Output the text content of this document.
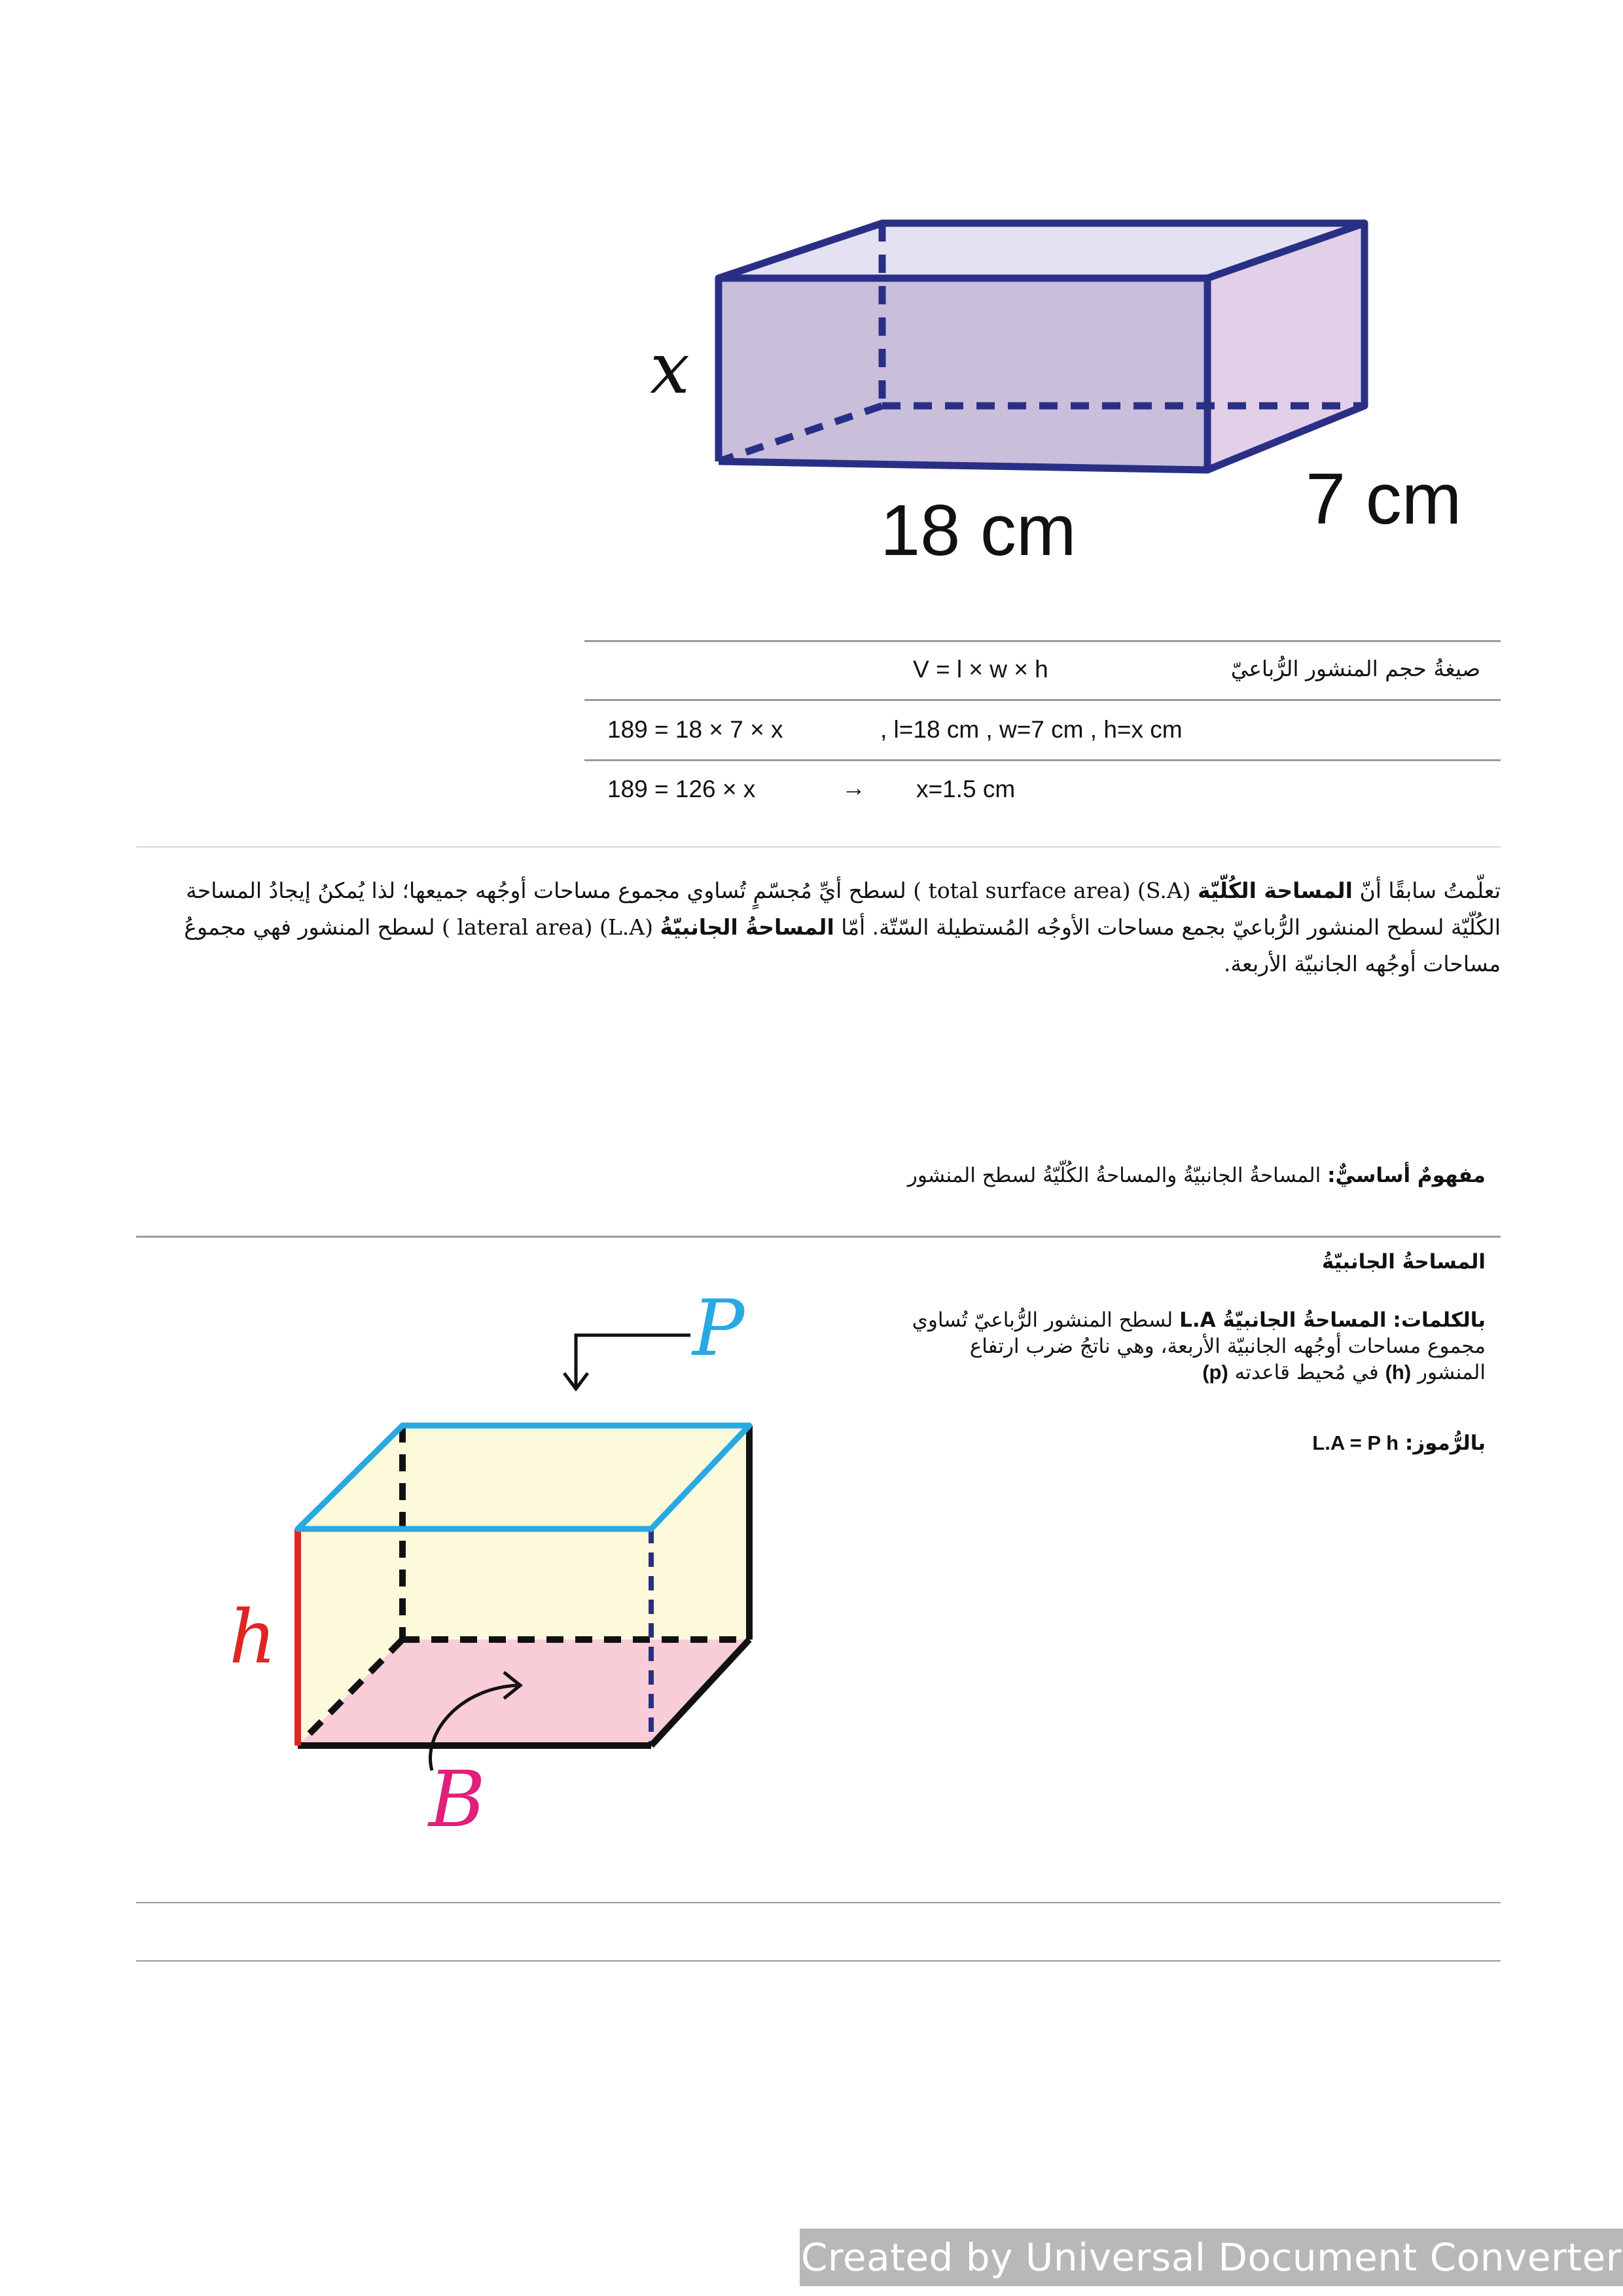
x
18 cm	7 cm
V = l × w × h	صيغةُ حجم المنشور الرُّباعيّ
189 = 18 × 7 × x	, l=18 cm , w=7 cm , h=x cm
189 = 126 × x	→ x=1.5 cm
تعلّمتُ سابقًا أنّ المساحة الكُلّيّة ( total surface area) (S.A) لسطح أيِّ مُجسّمٍ تُساوي مجموع مساحات أوجُهه جميعها؛ لذا يُمكنُ إيجادُ المساحة الكُلّيّة لسطح المنشور الرُّباعيّ بجمع مساحات الأوجُه المُستطيلة السّتّة. أمّا المساحةُ الجانبيّةُ ( lateral area) (L.A) لسطح المنشور فهي مجموعُ مساحات أوجُهه الجانبيّة الأربعة.
مفهومٌ أساسيٌّ: المساحةُ الجانبيّةُ والمساحةُ الكُلّيّةُ لسطح المنشور
المساحةُ الجانبيّةُ
بالكلمات: المساحةُ الجانبيّةُ L.A لسطح المنشور الرُّباعيّ تُساوي مجموع مساحات أوجُهه الجانبيّة الأربعة، وهي ناتجُ ضرب ارتفاع المنشور (h) في مُحيط قاعدته (p)
بالرُّموز: L.A = P h
P
h
B
Created by Universal Document Converter
